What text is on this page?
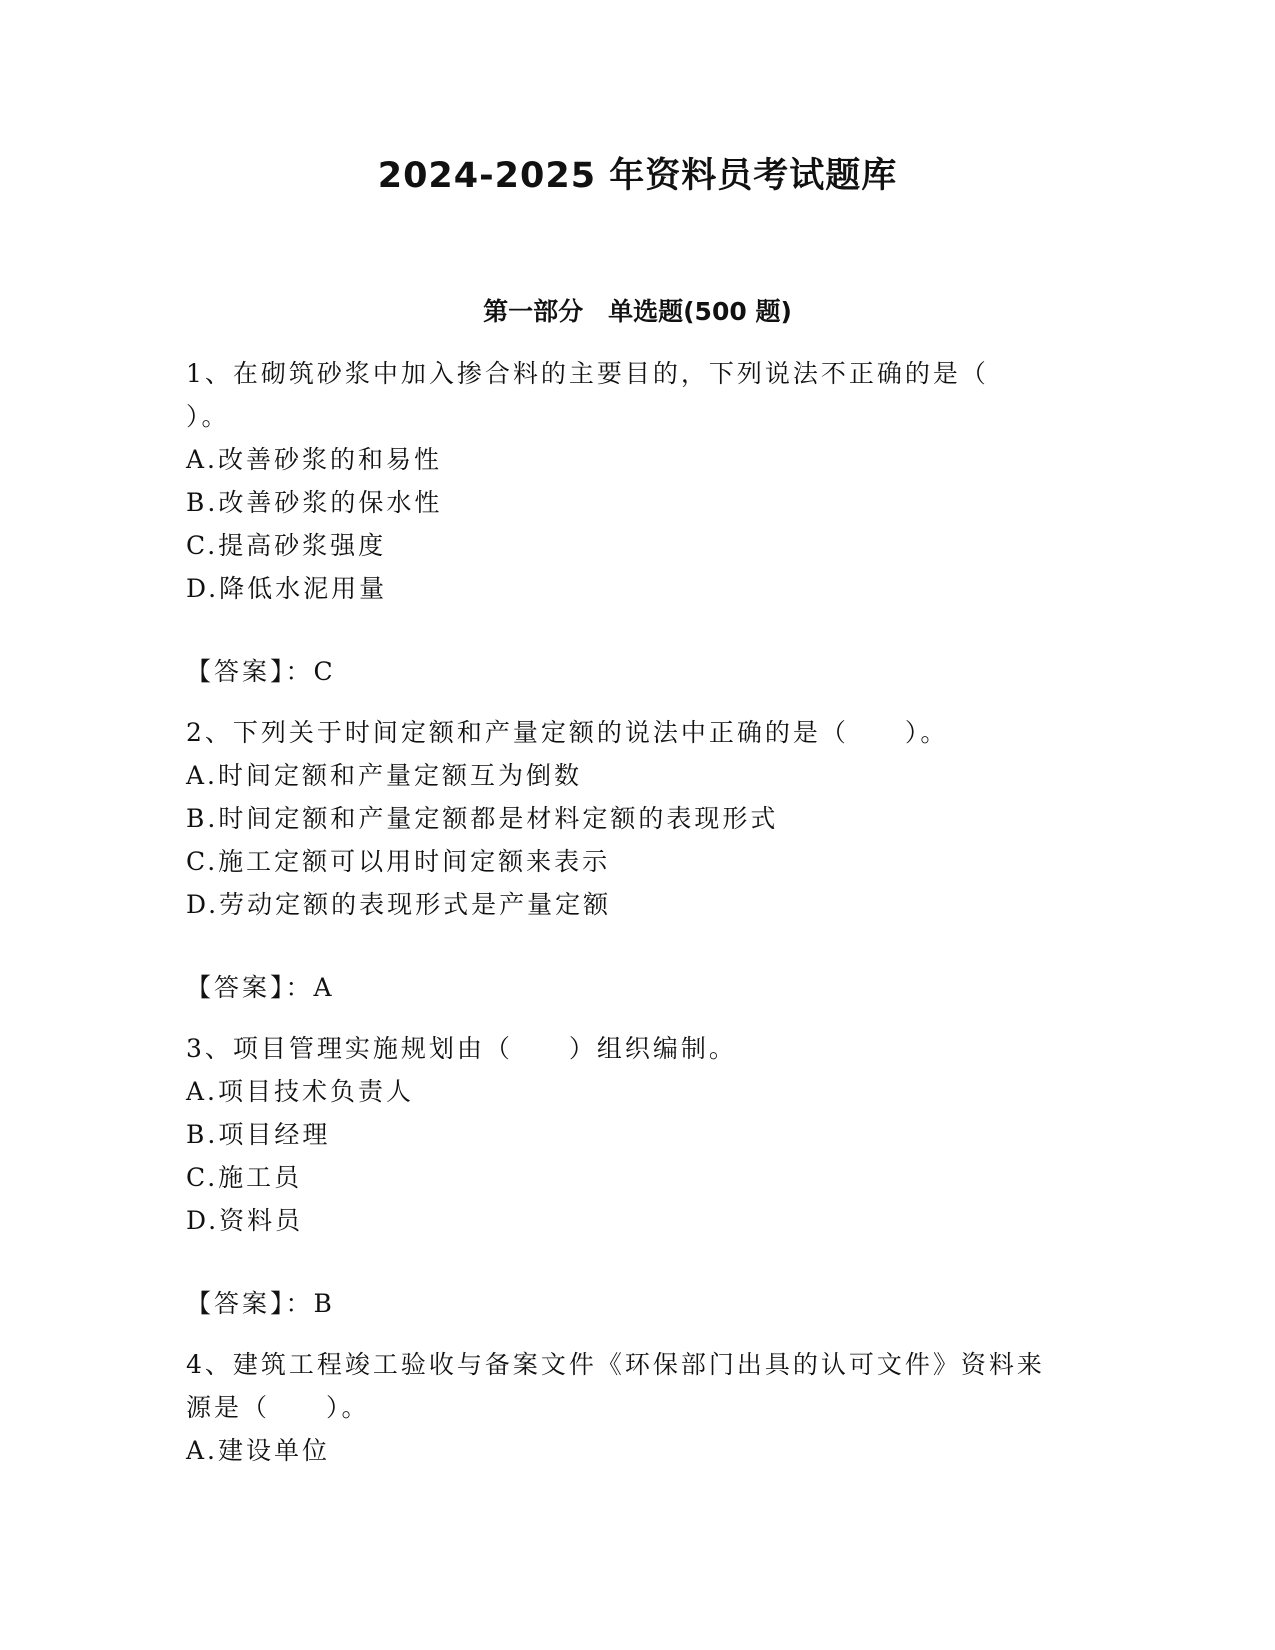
2024-2025 年资料员考试题库
第一部分　单选题(500 题)

1、在砌筑砂浆中加入掺合料的主要目的，下列说法不正确的是（

）。

A.改善砂浆的和易性

B.改善砂浆的保水性

C.提高砂浆强度

D.降低水泥用量

【答案】：C

2、下列关于时间定额和产量定额的说法中正确的是（　　）。

A.时间定额和产量定额互为倒数

B.时间定额和产量定额都是材料定额的表现形式

C.施工定额可以用时间定额来表示

D.劳动定额的表现形式是产量定额

【答案】：A

3、项目管理实施规划由（　　）组织编制。

A.项目技术负责人

B.项目经理

C.施工员

D.资料员

【答案】：B

4、建筑工程竣工验收与备案文件《环保部门出具的认可文件》资料来

源是（　　）。

A.建设单位
